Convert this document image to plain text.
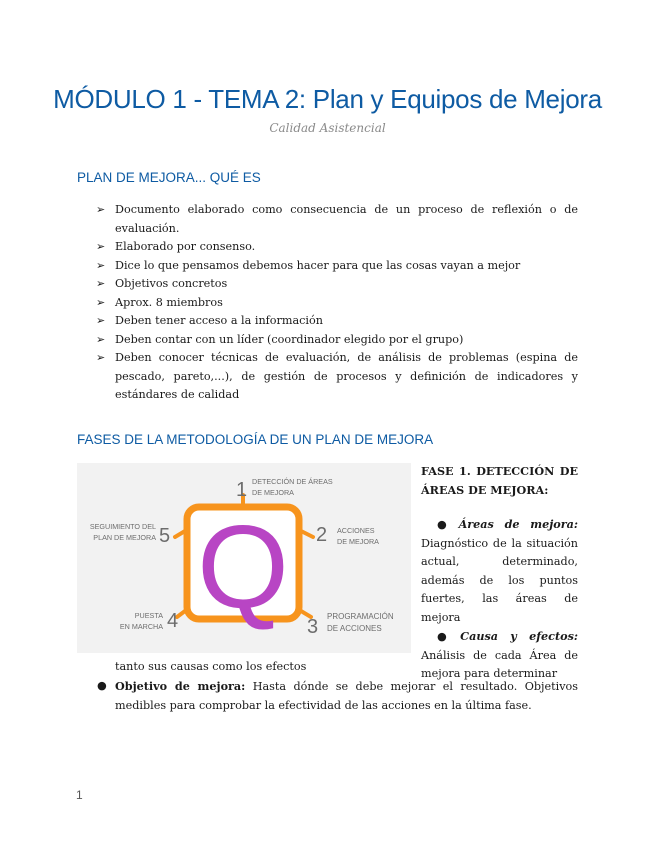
MÓDULO 1 - TEMA 2: Plan y Equipos de Mejora
Calidad Asistencial
PLAN DE MEJORA... QUÉ ES
➢ Documento elaborado como consecuencia de un proceso de reflexión o de evaluación.
➢ Elaborado por consenso.
➢ Dice lo que pensamos debemos hacer para que las cosas vayan a mejor
➢ Objetivos concretos
➢ Aprox. 8 miembros
➢ Deben tener acceso a la información
➢ Deben contar con un líder (coordinador elegido por el grupo)
➢ Deben conocer técnicas de evaluación, de análisis de problemas (espina de pescado, pareto,...), de gestión de procesos y definición de indicadores y estándares de calidad
FASES DE LA METODOLOGÍA DE UN PLAN DE MEJORA
Q
1 DETECCIÓN DE ÁREAS
DE MEJORA
2 ACCIONES
DE MEJORA
3 PROGRAMACIÓN
DE ACCIONES
4
PUESTA
EN MARCHA
5
SEGUIMIENTO DEL
PLAN DE MEJORA
FASE 1. DETECCIÓN DE
ÁREAS DE MEJORA:
● Áreas de mejora: Diagnóstico de la situación actual, determinado, además de los puntos fuertes, las áreas de mejora
● Causa y efectos: Análisis de cada Área de mejora para determinar
tanto sus causas como los efectos
● Objetivo de mejora: Hasta dónde se debe mejorar el resultado. Objetivos medibles para comprobar la efectividad de las acciones en la última fase.
1
